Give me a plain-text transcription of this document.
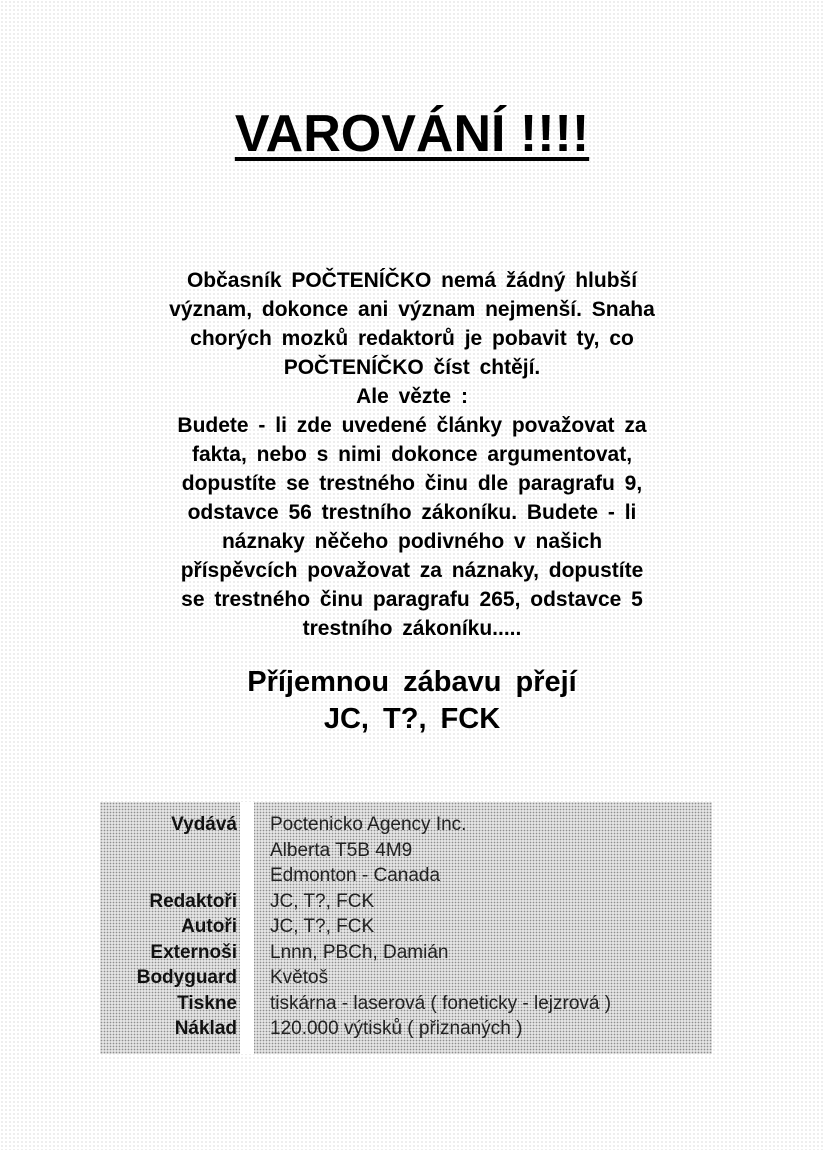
VAROVÁNÍ !!!!
Občasník POČTENÍČKO nemá žádný hlubší
význam, dokonce ani význam nejmenší. Snaha
chorých mozků redaktorů je pobavit ty, co
POČTENÍČKO číst chtějí.
Ale vězte :
Budete - li zde uvedené články považovat za
fakta, nebo s nimi dokonce argumentovat,
dopustíte se trestného činu dle paragrafu 9,
odstavce 56 trestního zákoníku. Budete - li
náznaky něčeho podivného v našich
příspěvcích považovat za náznaky, dopustíte
se trestného činu paragrafu 265, odstavce 5
trestního zákoníku.....
Příjemnou zábavu přejí
JC, T?, FCK
Vydává
Redaktoři
Autoři
Externoši
Bodyguard
Tiskne
Náklad
Poctenicko Agency Inc.
Alberta T5B 4M9
Edmonton - Canada
JC, T?, FCK
JC, T?, FCK
Lnnn, PBCh, Damián
Květoš
tiskárna - laserová ( foneticky - lejzrová )
120.000 výtisků ( přiznaných )
